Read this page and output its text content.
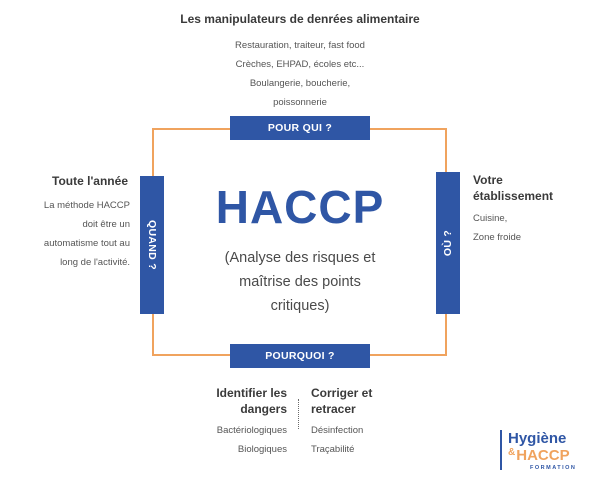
POUR QUI ?
POURQUOI ?
QUAND ?	OÙ ?
HACCP
(Analyse des risques et
maîtrise des points
critiques)
Les manipulateurs de denrées alimentaire
Restauration, traiteur, fast food
Crèches, EHPAD, écoles etc...
Boulangerie, boucherie,
poissonnerie
Toute l'année
La méthode HACCP
doit être un
automatisme tout au
long de l'activité.
Votre
établissement
Cuisine,
Zone froide
Identifier les
dangers
Bactériologiques
Biologiques
Corriger et
retracer
Désinfection
Traçabilité
Hygiène
&HACCP
FORMATION
